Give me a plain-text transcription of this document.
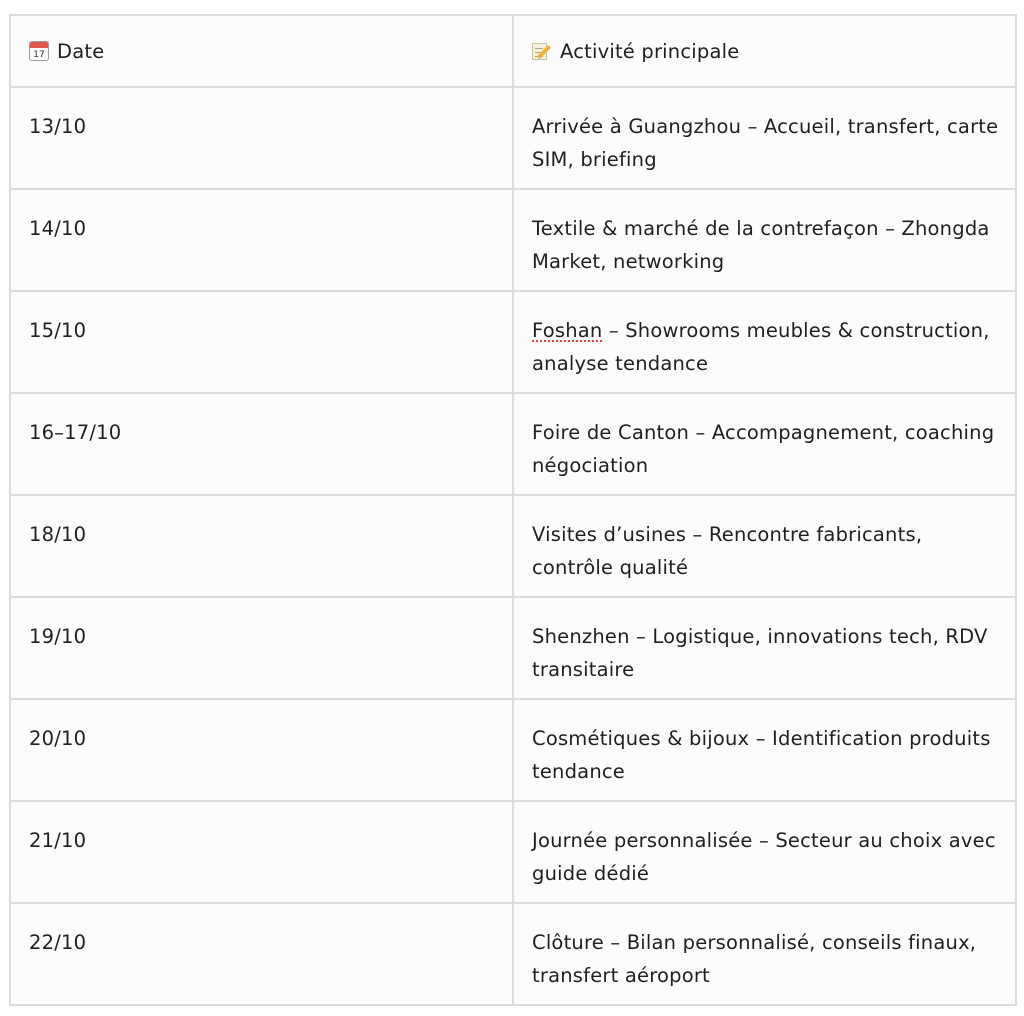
17 Date	Activité principale
13/10	Arrivée à Guangzhou – Accueil, transfert, carte SIM, briefing
14/10	Textile & marché de la contrefaçon – Zhongda Market, networking
15/10	Foshan – Showrooms meubles & construction, analyse tendance
16–17/10	Foire de Canton – Accompagnement, coaching négociation
18/10	Visites d’usines – Rencontre fabricants, contrôle qualité
19/10	Shenzhen – Logistique, innovations tech, RDV transitaire
20/10	Cosmétiques & bijoux – Identification produits tendance
21/10	Journée personnalisée – Secteur au choix avec guide dédié
22/10	Clôture – Bilan personnalisé, conseils finaux, transfert aéroport
